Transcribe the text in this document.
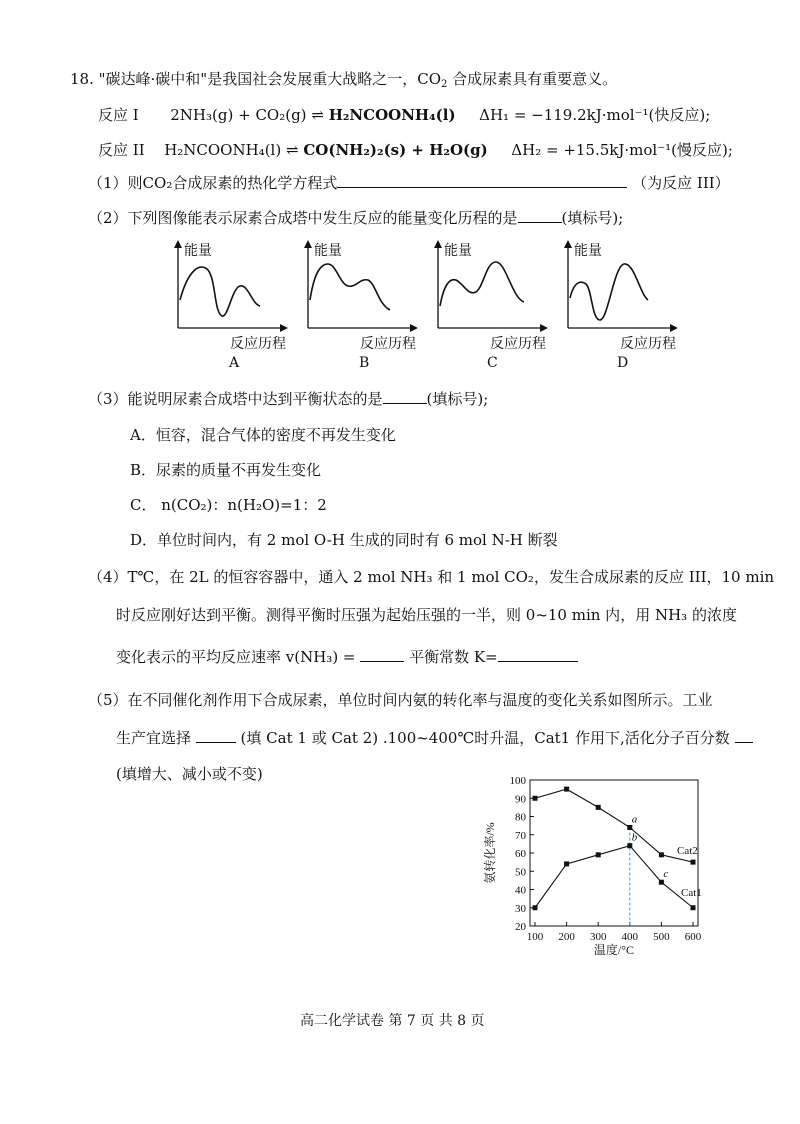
18. "碳达峰·碳中和"是我国社会发展重大战略之一，$CO_2$ 合成尿素具有重要意义。
反应 I 2NH₃(g) + CO₂(g) ⇌ H₂NCOONH₄(l) ΔH₁ = −119.2kJ·mol⁻¹(快反应);
反应 II H₂NCOONH₄(l) ⇌ CO(NH₂)₂(s) + H₂O(g) ΔH₂ = +15.5kJ·mol⁻¹(慢反应);
（1）则CO₂合成尿素的热化学方程式	（为反应 III）
（2）下列图像能表示尿素合成塔中发生反应的能量变化历程的是	(填标号);
能量	能量	能量	能量
反应历程	反应历程	反应历程	反应历程
A	B	C	D
（3）能说明尿素合成塔中达到平衡状态的是	(填标号);
A．恒容，混合气体的密度不再发生变化
B．尿素的质量不再发生变化
C． n(CO₂)：n(H₂O)=1：2
D．单位时间内，有 2 mol O-H 生成的同时有 6 mol N-H 断裂
（4）T℃，在 2L 的恒容容器中，通入 2 mol NH₃ 和 1 mol CO₂，发生合成尿素的反应 III，10 min
时反应刚好达到平衡。测得平衡时压强为起始压强的一半，则 0~10 min 内，用 NH₃ 的浓度
变化表示的平均反应速率 v(NH₃) =	平衡常数 K=
（5）在不同催化剂作用下合成尿素，单位时间内氨的转化率与温度的变化关系如图所示。工业
生产宜选择	(填 Cat 1 或 Cat 2) .100~400℃时升温，Cat1 作用下,活化分子百分数
(填增大、减小或不变)
20
30
40
50
60
70
80
90
100
100 200 300 400 500 600
Cat2
Cat1
a
b
c
温度/°C
氨转化率/%
高二化学试卷 第 7 页 共 8 页
